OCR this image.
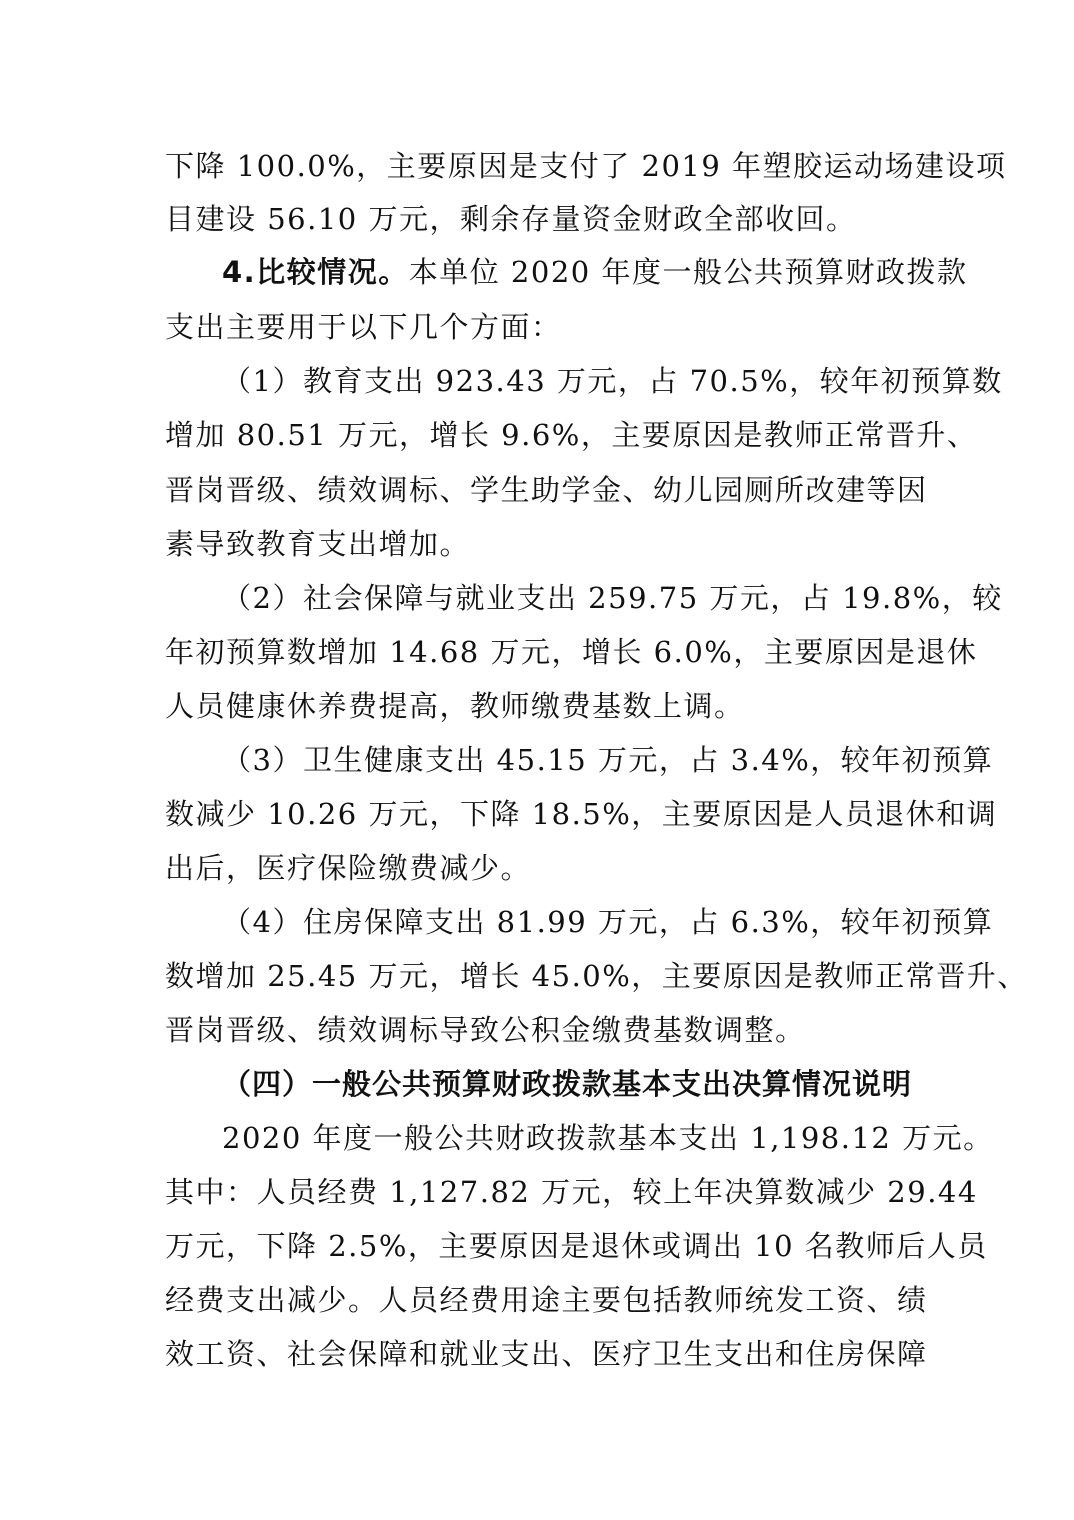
下降 100.0%，主要原因是支付了 2019 年塑胶运动场建设项
目建设 56.10 万元，剩余存量资金财政全部收回。
4.比较情况。本单位 2020 年度一般公共预算财政拨款
支出主要用于以下几个方面：
（1）教育支出 923.43 万元，占 70.5%，较年初预算数
增加 80.51 万元，增长 9.6%，主要原因是教师正常晋升、
晋岗晋级、绩效调标、学生助学金、幼儿园厕所改建等因
素导致教育支出增加。
（2）社会保障与就业支出 259.75 万元，占 19.8%，较
年初预算数增加 14.68 万元，增长 6.0%，主要原因是退休
人员健康休养费提高，教师缴费基数上调。
（3）卫生健康支出 45.15 万元，占 3.4%，较年初预算
数减少 10.26 万元，下降 18.5%，主要原因是人员退休和调
出后，医疗保险缴费减少。
（4）住房保障支出 81.99 万元，占 6.3%，较年初预算
数增加 25.45 万元，增长 45.0%，主要原因是教师正常晋升、
晋岗晋级、绩效调标导致公积金缴费基数调整。
（四）一般公共预算财政拨款基本支出决算情况说明
2020 年度一般公共财政拨款基本支出 1,198.12 万元。
其中：人员经费 1,127.82 万元，较上年决算数减少 29.44
万元，下降 2.5%，主要原因是退休或调出 10 名教师后人员
经费支出减少。人员经费用途主要包括教师统发工资、绩
效工资、社会保障和就业支出、医疗卫生支出和住房保障
